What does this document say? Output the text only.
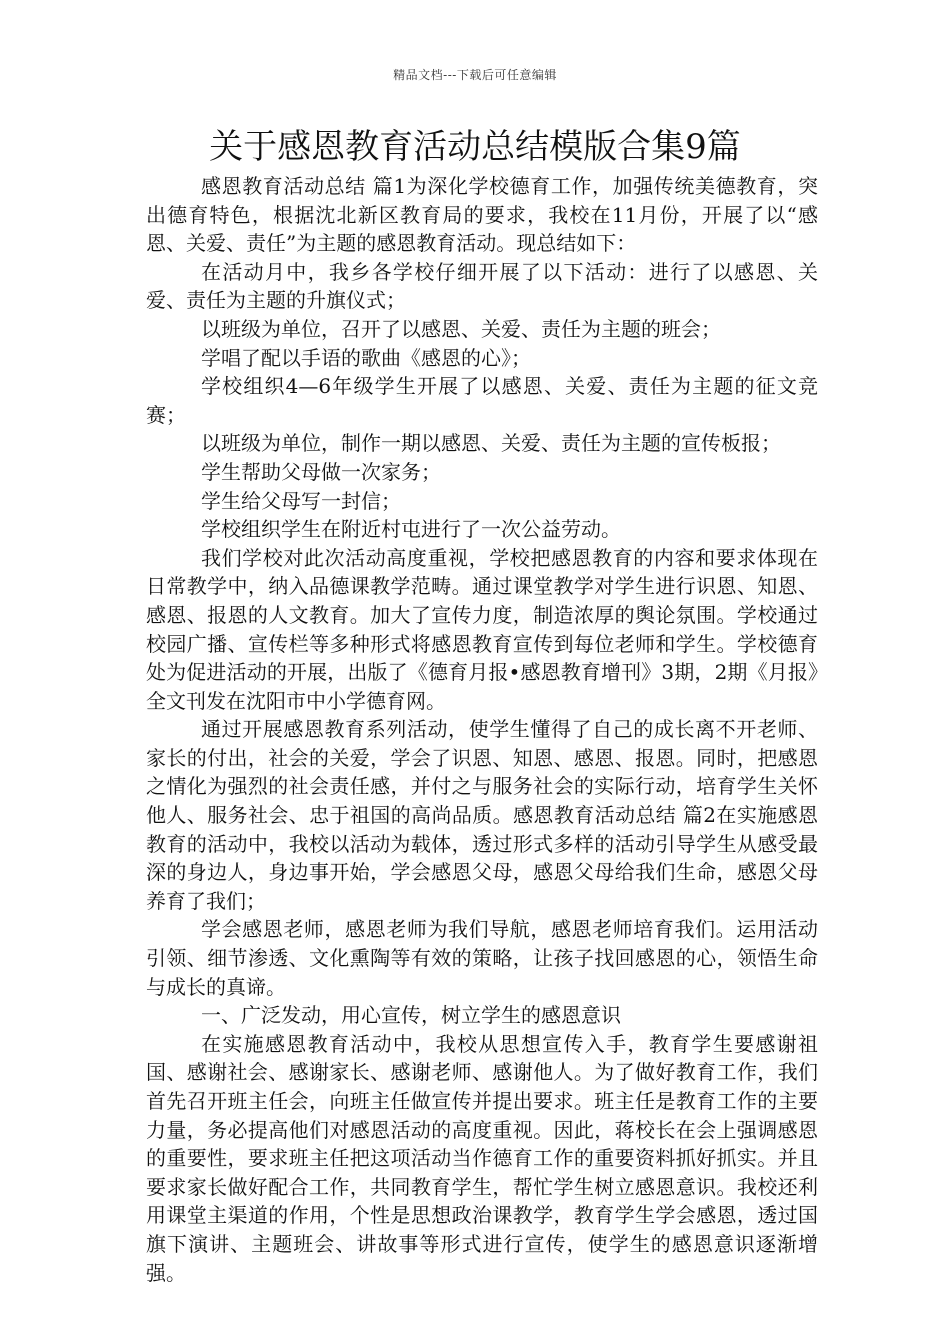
精品文档---下载后可任意编辑
关于感恩教育活动总结模版合集9篇

感恩教育活动总结 篇1为深化学校德育工作，加强传统美德教育，突出德育特色，根据沈北新区教育局的要求，我校在11月份，开展了以“感恩、关爱、责任”为主题的感恩教育活动。现总结如下：

在活动月中，我乡各学校仔细开展了以下活动：进行了以感恩、关爱、责任为主题的升旗仪式；

以班级为单位，召开了以感恩、关爱、责任为主题的班会；

学唱了配以手语的歌曲《感恩的心》；

学校组织4—6年级学生开展了以感恩、关爱、责任为主题的征文竞赛；

以班级为单位，制作一期以感恩、关爱、责任为主题的宣传板报；

学生帮助父母做一次家务；

学生给父母写一封信；

学校组织学生在附近村屯进行了一次公益劳动。

我们学校对此次活动高度重视，学校把感恩教育的内容和要求体现在日常教学中，纳入品德课教学范畴。通过课堂教学对学生进行识恩、知恩、感恩、报恩的人文教育。加大了宣传力度，制造浓厚的舆论氛围。学校通过校园广播、宣传栏等多种形式将感恩教育宣传到每位老师和学生。学校德育处为促进活动的开展，出版了《德育月报•感恩教育增刊》3期，2期《月报》全文刊发在沈阳市中小学德育网。

通过开展感恩教育系列活动，使学生懂得了自己的成长离不开老师、家长的付出，社会的关爱，学会了识恩、知恩、感恩、报恩。同时，把感恩之情化为强烈的社会责任感，并付之与服务社会的实际行动，培育学生关怀他人、服务社会、忠于祖国的高尚品质。感恩教育活动总结 篇2在实施感恩教育的活动中，我校以活动为载体，透过形式多样的活动引导学生从感受最深的身边人，身边事开始，学会感恩父母，感恩父母给我们生命，感恩父母养育了我们；

学会感恩老师，感恩老师为我们导航，感恩老师培育我们。运用活动引领、细节渗透、文化熏陶等有效的策略，让孩子找回感恩的心，领悟生命与成长的真谛。

一、广泛发动，用心宣传，树立学生的感恩意识

在实施感恩教育活动中，我校从思想宣传入手，教育学生要感谢祖国、感谢社会、感谢家长、感谢老师、感谢他人。为了做好教育工作，我们首先召开班主任会，向班主任做宣传并提出要求。班主任是教育工作的主要力量，务必提高他们对感恩活动的高度重视。因此，蒋校长在会上强调感恩的重要性，要求班主任把这项活动当作德育工作的重要资料抓好抓实。并且要求家长做好配合工作，共同教育学生，帮忙学生树立感恩意识。我校还利用课堂主渠道的作用，个性是思想政治课教学，教育学生学会感恩，透过国旗下演讲、主题班会、讲故事等形式进行宣传，使学生的感恩意识逐渐增强。
